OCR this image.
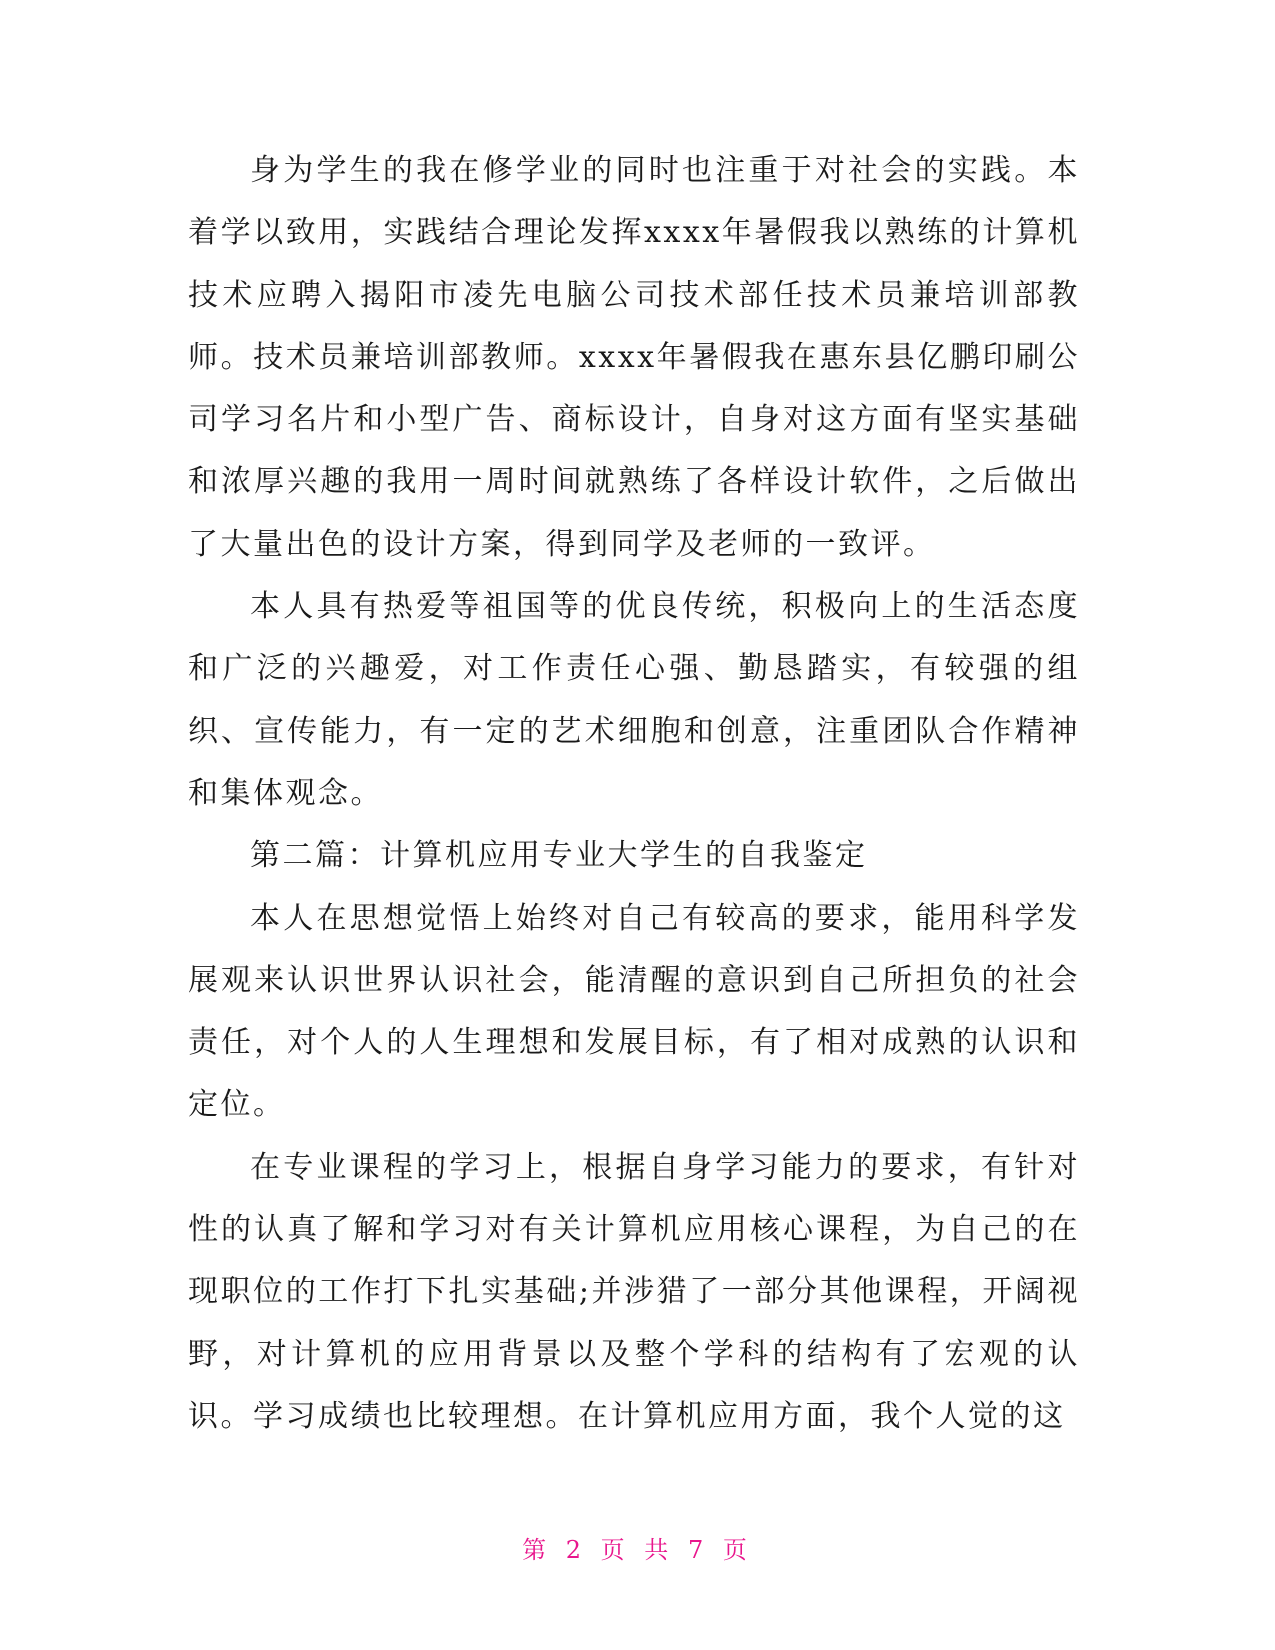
身为学生的我在修学业的同时也注重于对社会的实践。本着学以致用，实践结合理论发挥xxxx年暑假我以熟练的计算机技术应聘入揭阳市凌先电脑公司技术部任技术员兼培训部教师。技术员兼培训部教师。xxxx年暑假我在惠东县亿鹏印刷公司学习名片和小型广告、商标设计，自身对这方面有坚实基础和浓厚兴趣的我用一周时间就熟练了各样设计软件，之后做出了大量出色的设计方案，得到同学及老师的一致评。

本人具有热爱等祖国等的优良传统，积极向上的生活态度和广泛的兴趣爱，对工作责任心强、勤恳踏实，有较强的组织、宣传能力，有一定的艺术细胞和创意，注重团队合作精神和集体观念。

第二篇：计算机应用专业大学生的自我鉴定

本人在思想觉悟上始终对自己有较高的要求，能用科学发展观来认识世界认识社会，能清醒的意识到自己所担负的社会责任，对个人的人生理想和发展目标，有了相对成熟的认识和定位。

在专业课程的学习上，根据自身学习能力的要求，有针对性的认真了解和学习对有关计算机应用核心课程，为自己的在现职位的工作打下扎实基础;并涉猎了一部分其他课程，开阔视野，对计算机的应用背景以及整个学科的结构有了宏观的认识。学习成绩也比较理想。在计算机应用方面，我个人觉的这

第 2 页 共 7 页
